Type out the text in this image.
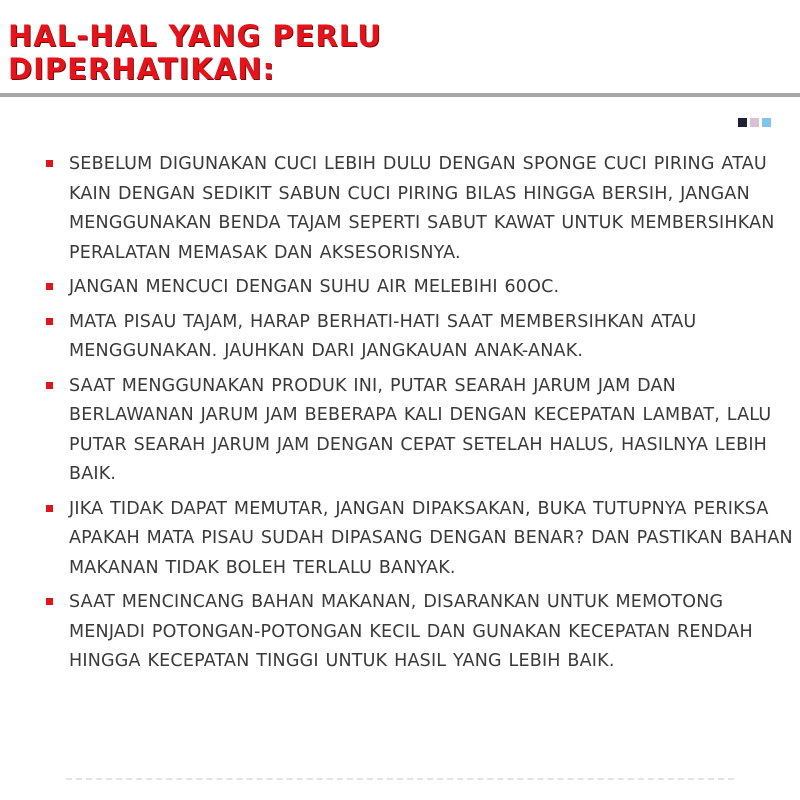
HAL-HAL YANG PERLU
DIPERHATIKAN:
SEBELUM DIGUNAKAN CUCI LEBIH DULU DENGAN SPONGE CUCI PIRING ATAU KAIN DENGAN SEDIKIT SABUN CUCI PIRING BILAS HINGGA BERSIH, JANGAN MENGGUNAKAN BENDA TAJAM SEPERTI SABUT KAWAT UNTUK MEMBERSIHKAN PERALATAN MEMASAK DAN AKSESORISNYA.
JANGAN MENCUCI DENGAN SUHU AIR MELEBIHI 60OC.
MATA PISAU TAJAM, HARAP BERHATI-HATI SAAT MEMBERSIHKAN ATAU MENGGUNAKAN. JAUHKAN DARI JANGKAUAN ANAK-ANAK.
SAAT MENGGUNAKAN PRODUK INI, PUTAR SEARAH JARUM JAM DAN BERLAWANAN JARUM JAM BEBERAPA KALI DENGAN KECEPATAN LAMBAT, LALU PUTAR SEARAH JARUM JAM DENGAN CEPAT SETELAH HALUS, HASILNYA LEBIH BAIK.
JIKA TIDAK DAPAT MEMUTAR, JANGAN DIPAKSAKAN, BUKA TUTUPNYA PERIKSA APAKAH MATA PISAU SUDAH DIPASANG DENGAN BENAR? DAN PASTIKAN BAHAN MAKANAN TIDAK BOLEH TERLALU BANYAK.
SAAT MENCINCANG BAHAN MAKANAN, DISARANKAN UNTUK MEMOTONG MENJADI POTONGAN-POTONGAN KECIL DAN GUNAKAN KECEPATAN RENDAH HINGGA KECEPATAN TINGGI UNTUK HASIL YANG LEBIH BAIK.
